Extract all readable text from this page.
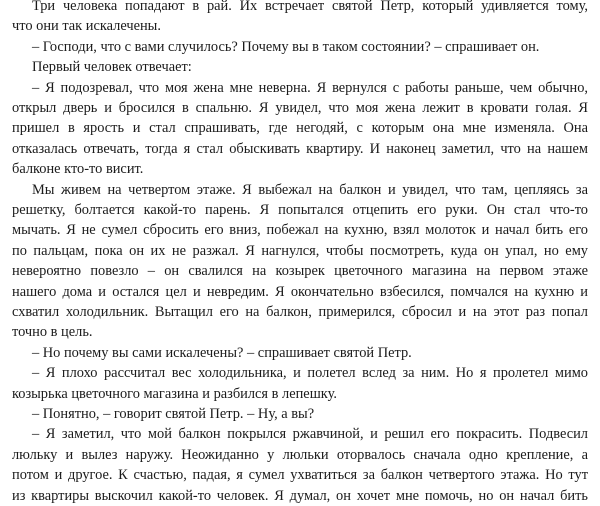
Три человека попадают в рай. Их встречает святой Петр, который удивляется тому,
что они так искалечены.
– Господи, что с вами случилось? Почему вы в таком состоянии? – спрашивает он.
Первый человек отвечает:
– Я подозревал, что моя жена мне неверна. Я вернулся с работы раньше, чем обычно,
открыл дверь и бросился в спальню. Я увидел, что моя жена лежит в кровати голая. Я
пришел в ярость и стал спрашивать, где негодяй, с которым она мне изменяла. Она
отказалась отвечать, тогда я стал обыскивать квартиру. И наконец заметил, что на нашем
балконе кто-то висит.
Мы живем на четвертом этаже. Я выбежал на балкон и увидел, что там, цепляясь за
решетку, болтается какой-то парень. Я попытался отцепить его руки. Он стал что-то
мычать. Я не сумел сбросить его вниз, побежал на кухню, взял молоток и начал бить его
по пальцам, пока он их не разжал. Я нагнулся, чтобы посмотреть, куда он упал, но ему
невероятно повезло – он свалился на козырек цветочного магазина на первом этаже
нашего дома и остался цел и невредим. Я окончательно взбесился, помчался на кухню и
схватил холодильник. Вытащил его на балкон, примерился, сбросил и на этот раз попал
точно в цель.
– Но почему вы сами искалечены? – спрашивает святой Петр.
– Я плохо рассчитал вес холодильника, и полетел вслед за ним. Но я пролетел мимо
козырька цветочного магазина и разбился в лепешку.
– Понятно, – говорит святой Петр. – Ну, а вы?
– Я заметил, что мой балкон покрылся ржавчиной, и решил его покрасить. Подвесил
люльку и вылез наружу. Неожиданно у люльки оторвалось сначала одно крепление, а
потом и другое. К счастью, падая, я сумел ухватиться за балкон четвертого этажа. Но тут
из квартиры выскочил какой-то человек. Я думал, он хочет мне помочь, но он начал бить
